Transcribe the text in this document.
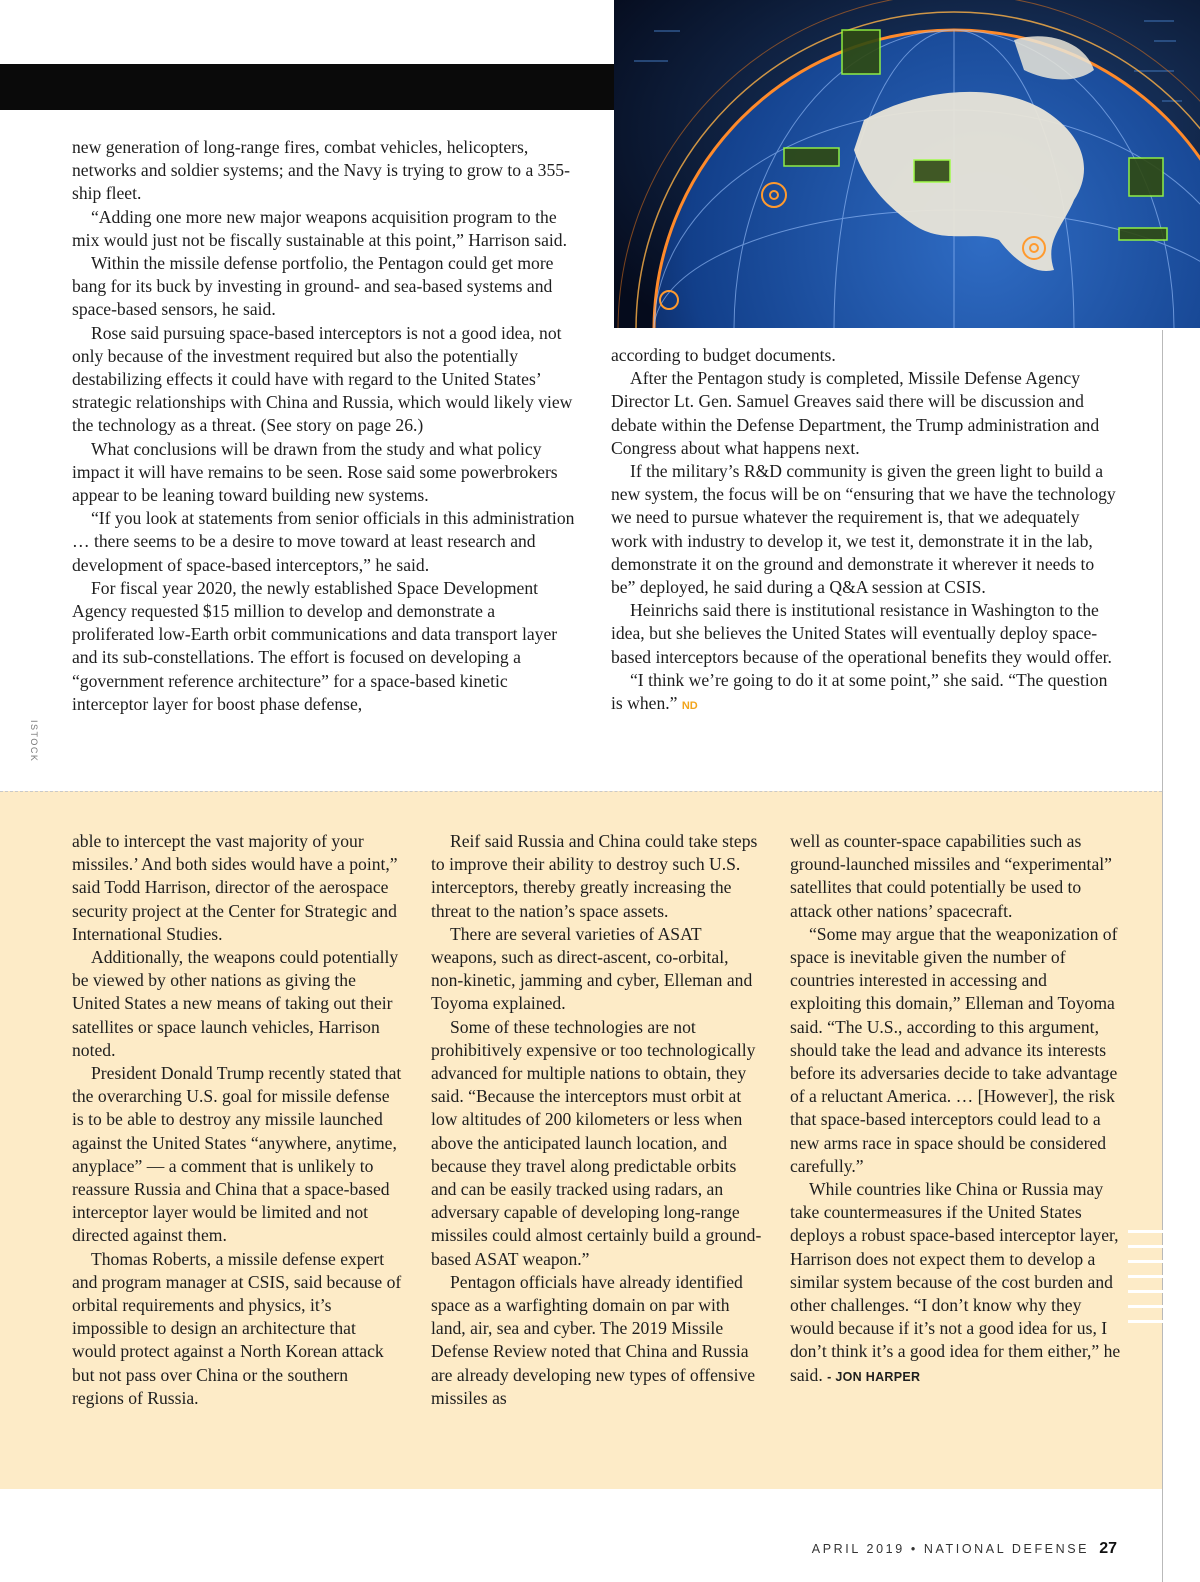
ISTOCK

new generation of long-range fires, combat vehicles, helicopters, networks and soldier systems; and the Navy is trying to grow to a 355-ship fleet.

“Adding one more new major weapons acquisition program to the mix would just not be fiscally sustainable at this point,” Harrison said.

Within the missile defense portfolio, the Pentagon could get more bang for its buck by investing in ground- and sea-based systems and space-based sensors, he said.

Rose said pursuing space-based interceptors is not a good idea, not only because of the investment required but also the potentially destabilizing effects it could have with regard to the United States’ strategic relationships with China and Russia, which would likely view the technology as a threat. (See story on page 26.)

What conclusions will be drawn from the study and what policy impact it will have remains to be seen. Rose said some powerbrokers appear to be leaning toward building new systems.

“If you look at statements from senior officials in this administration … there seems to be a desire to move toward at least research and development of space-based interceptors,” he said.

For fiscal year 2020, the newly established Space Development Agency requested $15 million to develop and demonstrate a proliferated low-Earth orbit communications and data transport layer and its sub-constellations. The effort is focused on developing a “government reference architecture” for a space-based kinetic interceptor layer for boost phase defense,

according to budget documents.

After the Pentagon study is completed, Missile Defense Agency Director Lt. Gen. Samuel Greaves said there will be discussion and debate within the Defense Department, the Trump administration and Congress about what happens next.

If the military’s R&D community is given the green light to build a new system, the focus will be on “ensuring that we have the technology we need to pursue whatever the requirement is, that we adequately work with industry to develop it, we test it, demonstrate it in the lab, demonstrate it on the ground and demonstrate it wherever it needs to be” deployed, he said during a Q&A session at CSIS.

Heinrichs said there is institutional resistance in Washington to the idea, but she believes the United States will eventually deploy space-based interceptors because of the operational benefits they would offer.

“I think we’re going to do it at some point,” she said. “The question is when.” ND

able to intercept the vast majority of your missiles.’ And both sides would have a point,” said Todd Harrison, director of the aerospace security project at the Center for Strategic and International Studies.

Additionally, the weapons could potentially be viewed by other nations as giving the United States a new means of taking out their satellites or space launch vehicles, Harrison noted.

President Donald Trump recently stated that the overarching U.S. goal for missile defense is to be able to destroy any missile launched against the United States “anywhere, anytime, anyplace” — a comment that is unlikely to reassure Russia and China that a space-based interceptor layer would be limited and not directed against them.

Thomas Roberts, a missile defense expert and program manager at CSIS, said because of orbital requirements and physics, it’s impossible to design an architecture that would protect against a North Korean attack but not pass over China or the southern regions of Russia.

Reif said Russia and China could take steps to improve their ability to destroy such U.S. interceptors, thereby greatly increasing the threat to the nation’s space assets.

There are several varieties of ASAT weapons, such as direct-ascent, co-orbital, non-kinetic, jamming and cyber, Elleman and Toyoma explained.

Some of these technologies are not prohibitively expensive or too technologically advanced for multiple nations to obtain, they said. “Because the interceptors must orbit at low altitudes of 200 kilometers or less when above the anticipated launch location, and because they travel along predictable orbits and can be easily tracked using radars, an adversary capable of developing long-range missiles could almost certainly build a ground-based ASAT weapon.”

Pentagon officials have already identified space as a warfighting domain on par with land, air, sea and cyber. The 2019 Missile Defense Review noted that China and Russia are already developing new types of offensive missiles as

well as counter-space capabilities such as ground-launched missiles and “experimental” satellites that could potentially be used to attack other nations’ spacecraft.

“Some may argue that the weaponization of space is inevitable given the number of countries interested in accessing and exploiting this domain,” Elleman and Toyoma said. “The U.S., according to this argument, should take the lead and advance its interests before its adversaries decide to take advantage of a reluctant America. … [However], the risk that space-based interceptors could lead to a new arms race in space should be considered carefully.”

While countries like China or Russia may take countermeasures if the United States deploys a robust space-based interceptor layer, Harrison does not expect them to develop a similar system because of the cost burden and other challenges. “I don’t know why they would because if it’s not a good idea for us, I don’t think it’s a good idea for them either,” he said. - JON HARPER

APRIL 2019 • NATIONAL DEFENSE 27
